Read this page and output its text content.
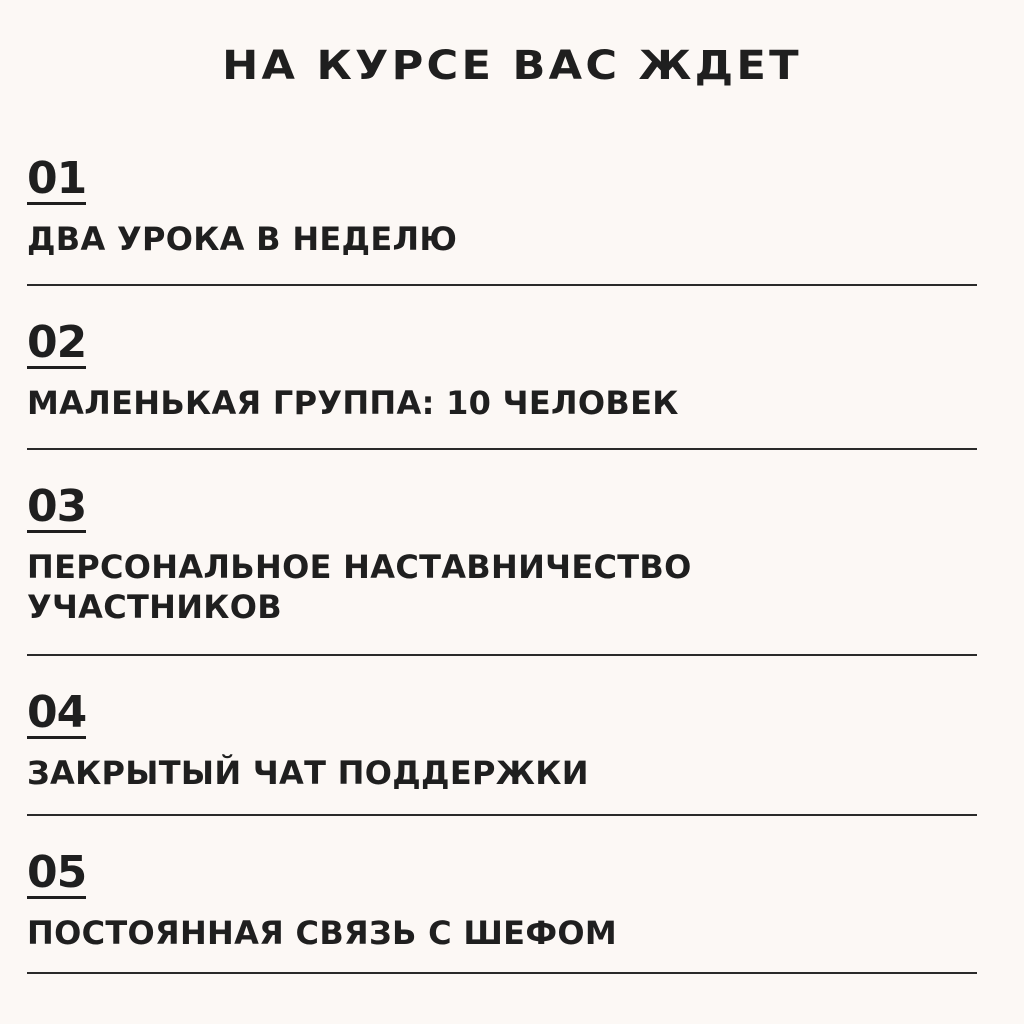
НА КУРСЕ ВАС ЖДЕТ
01
ДВА УРОКА В НЕДЕЛЮ
02
МАЛЕНЬКАЯ ГРУППА: 10 ЧЕЛОВЕК
03
ПЕРСОНАЛЬНОЕ НАСТАВНИЧЕСТВО УЧАСТНИКОВ
04
ЗАКРЫТЫЙ ЧАТ ПОДДЕРЖКИ
05
ПОСТОЯННАЯ СВЯЗЬ С ШЕФОМ
